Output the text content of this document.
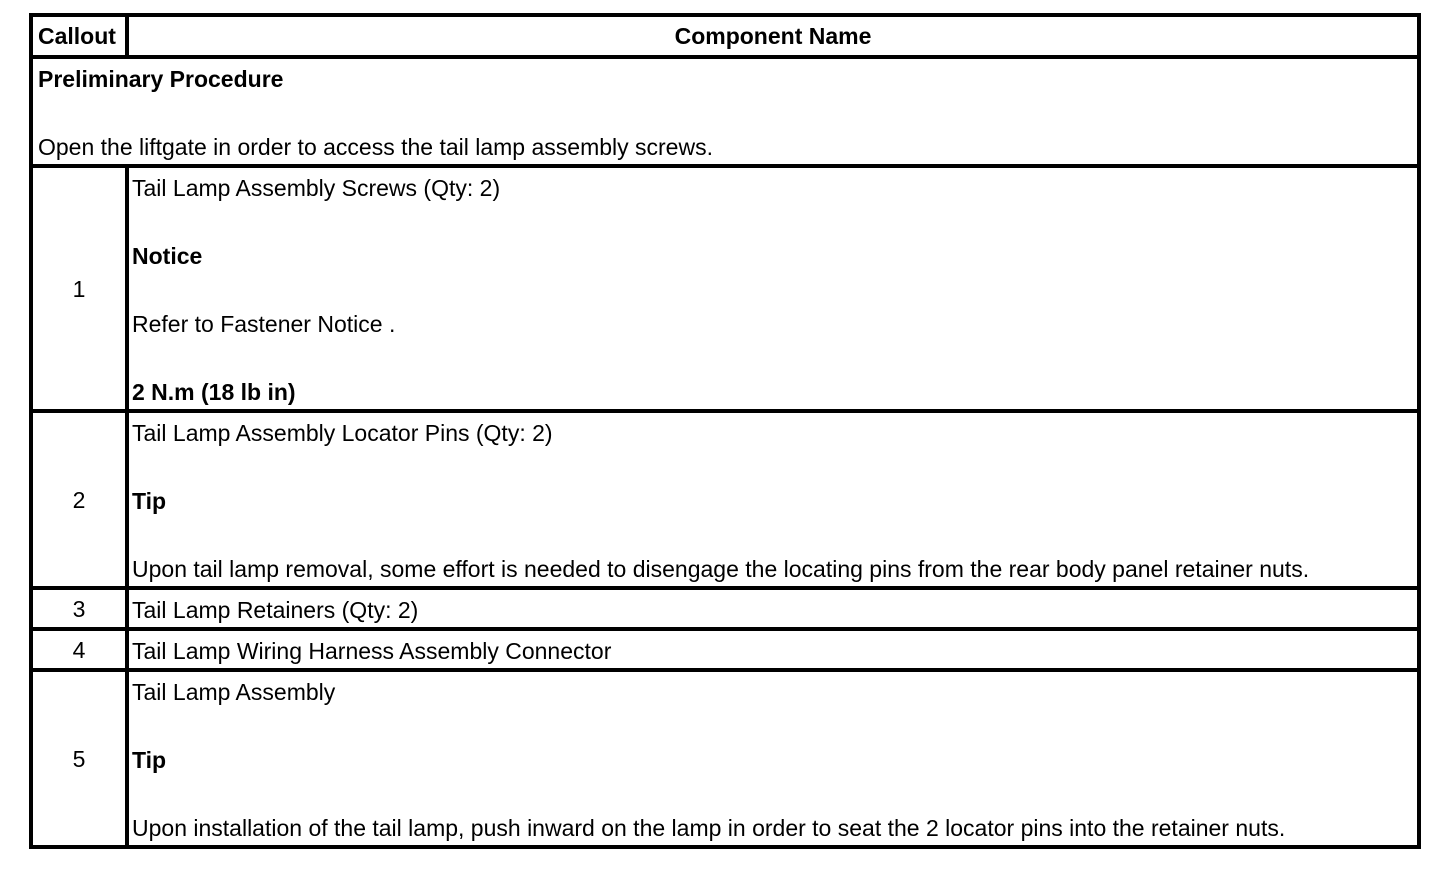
Callout	Component Name

Preliminary Procedure
Open the liftgate in order to access the tail lamp assembly screws.	

1	Tail Lamp Assembly Screws (Qty: 2)
Notice
Refer to Fastener Notice .
2 N.m (18 lb in)

2	Tail Lamp Assembly Locator Pins (Qty: 2)
Tip
Upon tail lamp removal, some effort is needed to disengage the locating pins from the rear body panel retainer nuts.

3	Tail Lamp Retainers (Qty: 2)

4	Tail Lamp Wiring Harness Assembly Connector

5	Tail Lamp Assembly
Tip
Upon installation of the tail lamp, push inward on the lamp in order to seat the 2 locator pins into the retainer nuts.
